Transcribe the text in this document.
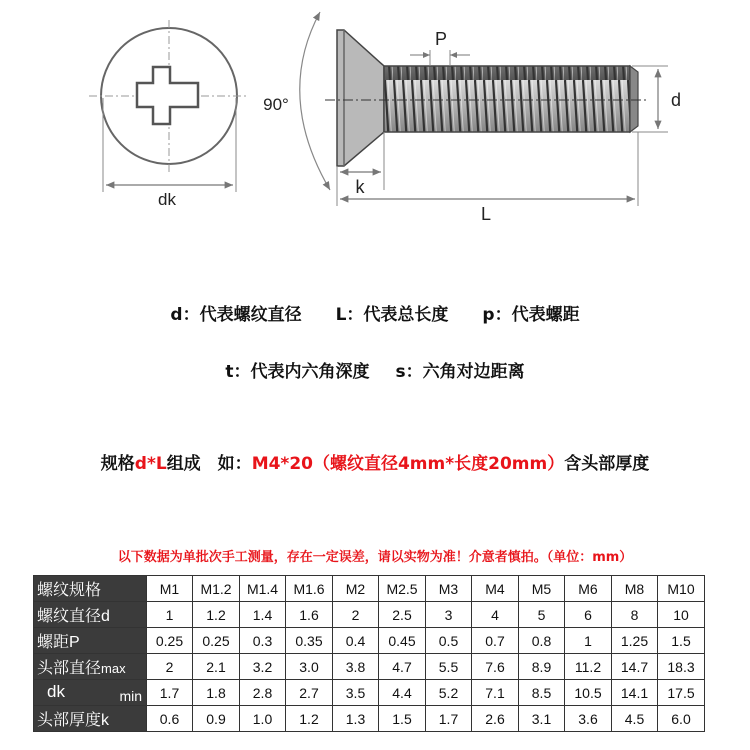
dk
P
90°	d
k
L
d：代表螺纹直径 L：代表总长度 p：代表螺距
t：代表内六角深度 s：六角对边距离
规格d*L组成　如：M4*20（螺纹直径4mm*长度20mm）含头部厚度
以下数据为单批次手工测量，存在一定误差，请以实物为准！介意者慎拍。（单位：mm）
螺纹规格	M1	M1.2	M1.4	M1.6	M2	M2.5	M3	M4	M5	M6	M8	M10
螺纹直径d	1	1.2	1.4	1.6	2	2.5	3	4	5	6	8	10
螺距P	0.25	0.25	0.3	0.35	0.4	0.45	0.5	0.7	0.8	1	1.25	1.5
头部直径max	2	2.1	3.2	3.0	3.8	4.7	5.5	7.6	8.9	11.2	14.7	18.3
dk min	1.7	1.8	2.8	2.7	3.5	4.4	5.2	7.1	8.5	10.5	14.1	17.5
头部厚度k	0.6	0.9	1.0	1.2	1.3	1.5	1.7	2.6	3.1	3.6	4.5	6.0
